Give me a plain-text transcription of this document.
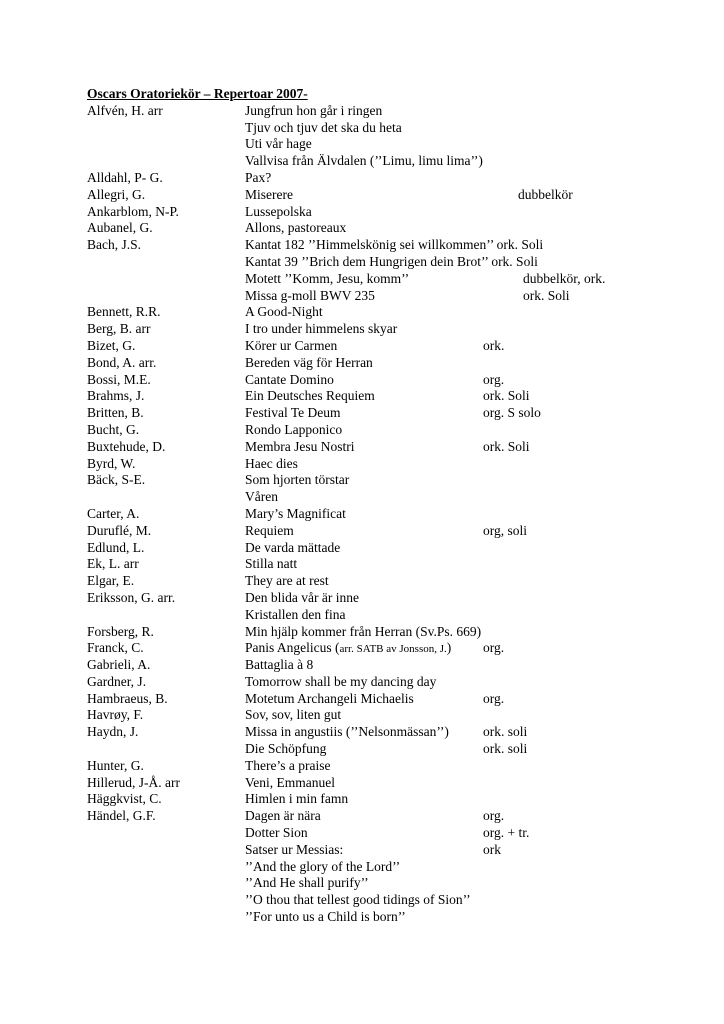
Oscars Oratoriekör – Repertoar 2007-
Alfvén, H. arr	Jungfrun hon går i ringen
Tjuv och tjuv det ska du heta
Uti vår hage
Vallvisa från Älvdalen (’’Limu, limu lima’’)
Alldahl, P- G.	Pax?
Allegri, G.	Miserere	dubbelkör
Ankarblom, N-P.	Lussepolska
Aubanel, G.	Allons, pastoreaux
Bach, J.S.	Kantat 182 ’’Himmelskönig sei willkommen’’ ork. Soli
Kantat 39 ’’Brich dem Hungrigen dein Brot’’ ork. Soli
Motett ’’Komm, Jesu, komm’’	dubbelkör, ork.
Missa g-moll BWV 235	ork. Soli
Bennett, R.R.	A Good-Night
Berg, B. arr	I tro under himmelens skyar
Bizet, G.	Körer ur Carmen	ork.
Bond, A. arr.	Bereden väg för Herran
Bossi, M.E.	Cantate Domino	org.
Brahms, J.	Ein Deutsches Requiem	ork. Soli
Britten, B.	Festival Te Deum	org. S solo
Bucht, G.	Rondo Lapponico
Buxtehude, D.	Membra Jesu Nostri	ork. Soli
Byrd, W.	Haec dies
Bäck, S-E.	Som hjorten törstar
Våren
Carter, A.	Mary’s Magnificat
Duruflé, M.	Requiem	org, soli
Edlund, L.	De varda mättade
Ek, L. arr	Stilla natt
Elgar, E.	They are at rest
Eriksson, G. arr.	Den blida vår är inne
Kristallen den fina
Forsberg, R.	Min hjälp kommer från Herran (Sv.Ps. 669)
Franck, C.	Panis Angelicus (arr. SATB av Jonsson, J.) org.
Gabrieli, A.	Battaglia à 8
Gardner, J.	Tomorrow shall be my dancing day
Hambraeus, B.	Motetum Archangeli Michaelis	org.
Havrøy, F.	Sov, sov, liten gut
Haydn, J.	Missa in angustiis (’’Nelsonmässan’’)	ork. soli
Die Schöpfung	ork. soli
Hunter, G.	There’s a praise
Hillerud, J-Å. arr	Veni, Emmanuel
Häggkvist, C.	Himlen i min famn
Händel, G.F.	Dagen är nära	org.
Dotter Sion	org. + tr.
Satser ur Messias:	ork
’’And the glory of the Lord’’
’’And He shall purify’’
’’O thou that tellest good tidings of Sion’’
’’For unto us a Child is born’’
